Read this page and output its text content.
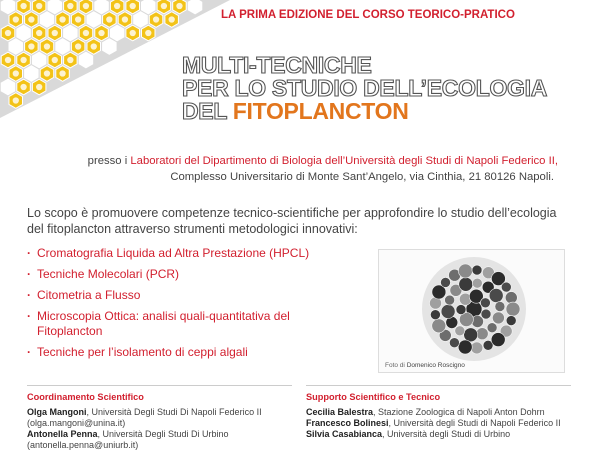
LA PRIMA EDIZIONE DEL CORSO TEORICO-PRATICO
MULTI-TECNICHE
PER LO STUDIO DELL’ECOLOGIA
DEL FITOPLANCTON
presso i Laboratori del Dipartimento di Biologia dell’Università degli Studi di Napoli Federico II,
Complesso Universitario di Monte Sant’Angelo, via Cinthia, 21 80126 Napoli.
Lo scopo è promuovere competenze tecnico-scientifiche per approfondire lo studio dell’ecologia del fitoplancton attraverso strumenti metodologici innovativi:
· Cromatografia Liquida ad Altra Prestazione (HPCL)
· Tecniche Molecolari (PCR)
· Citometria a Flusso
· Microscopia Ottica: analisi quali-quantitativa del Fitoplancton
· Tecniche per l’isolamento di ceppi algali
Foto di Domenico Roscigno
Coordinamento Scientifico

Olga Mangoni, Università Degli Studi Di Napoli Federico II

(olga.mangoni@unina.it)

Antonella Penna, Università Degli Studi Di Urbino

(antonella.penna@uniurb.it)

Supporto Scientifico e Tecnico

Cecilia Balestra, Stazione Zoologica di Napoli Anton Dohrn

Francesco Bolinesi, Università degli Studi di Napoli Federico II

Silvia Casabianca, Università degli Studi di Urbino
